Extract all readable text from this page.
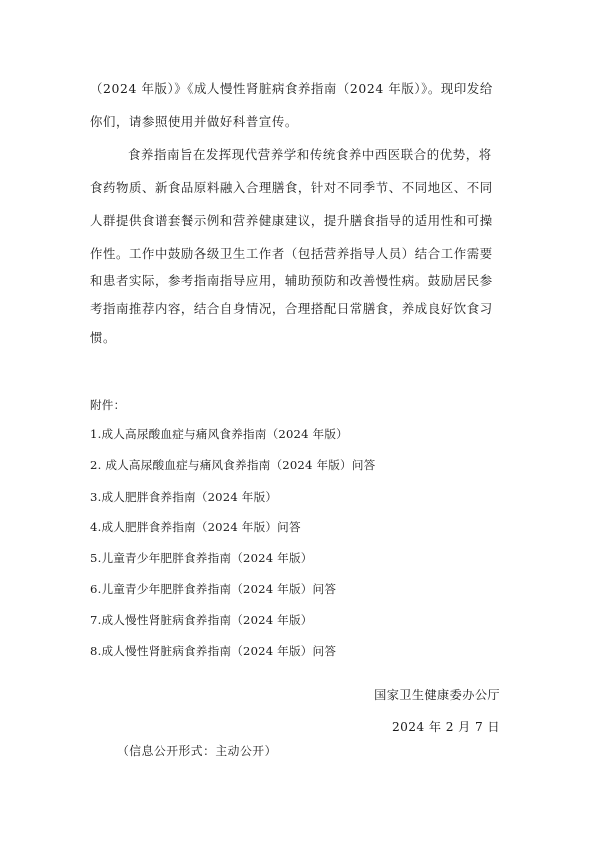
（2024 年版）》《成人慢性肾脏病食养指南（2024 年版）》。现印发给
你们，请参照使用并做好科普宣传。
食养指南旨在发挥现代营养学和传统食养中西医联合的优势，将
食药物质、新食品原料融入合理膳食，针对不同季节、不同地区、不同
人群提供食谱套餐示例和营养健康建议，提升膳食指导的适用性和可操
作性。工作中鼓励各级卫生工作者（包括营养指导人员）结合工作需要
和患者实际，参考指南指导应用，辅助预防和改善慢性病。鼓励居民参
考指南推荐内容，结合自身情况，合理搭配日常膳食，养成良好饮食习
惯。
附件：
1.成人高尿酸血症与痛风食养指南（2024 年版）
2. 成人高尿酸血症与痛风食养指南（2024 年版）问答
3.成人肥胖食养指南（2024 年版）
4.成人肥胖食养指南（2024 年版）问答
5.儿童青少年肥胖食养指南（2024 年版）
6.儿童青少年肥胖食养指南（2024 年版）问答
7.成人慢性肾脏病食养指南（2024 年版）
8.成人慢性肾脏病食养指南（2024 年版）问答
国家卫生健康委办公厅
2024 年 2 月 7 日
（信息公开形式：主动公开）
